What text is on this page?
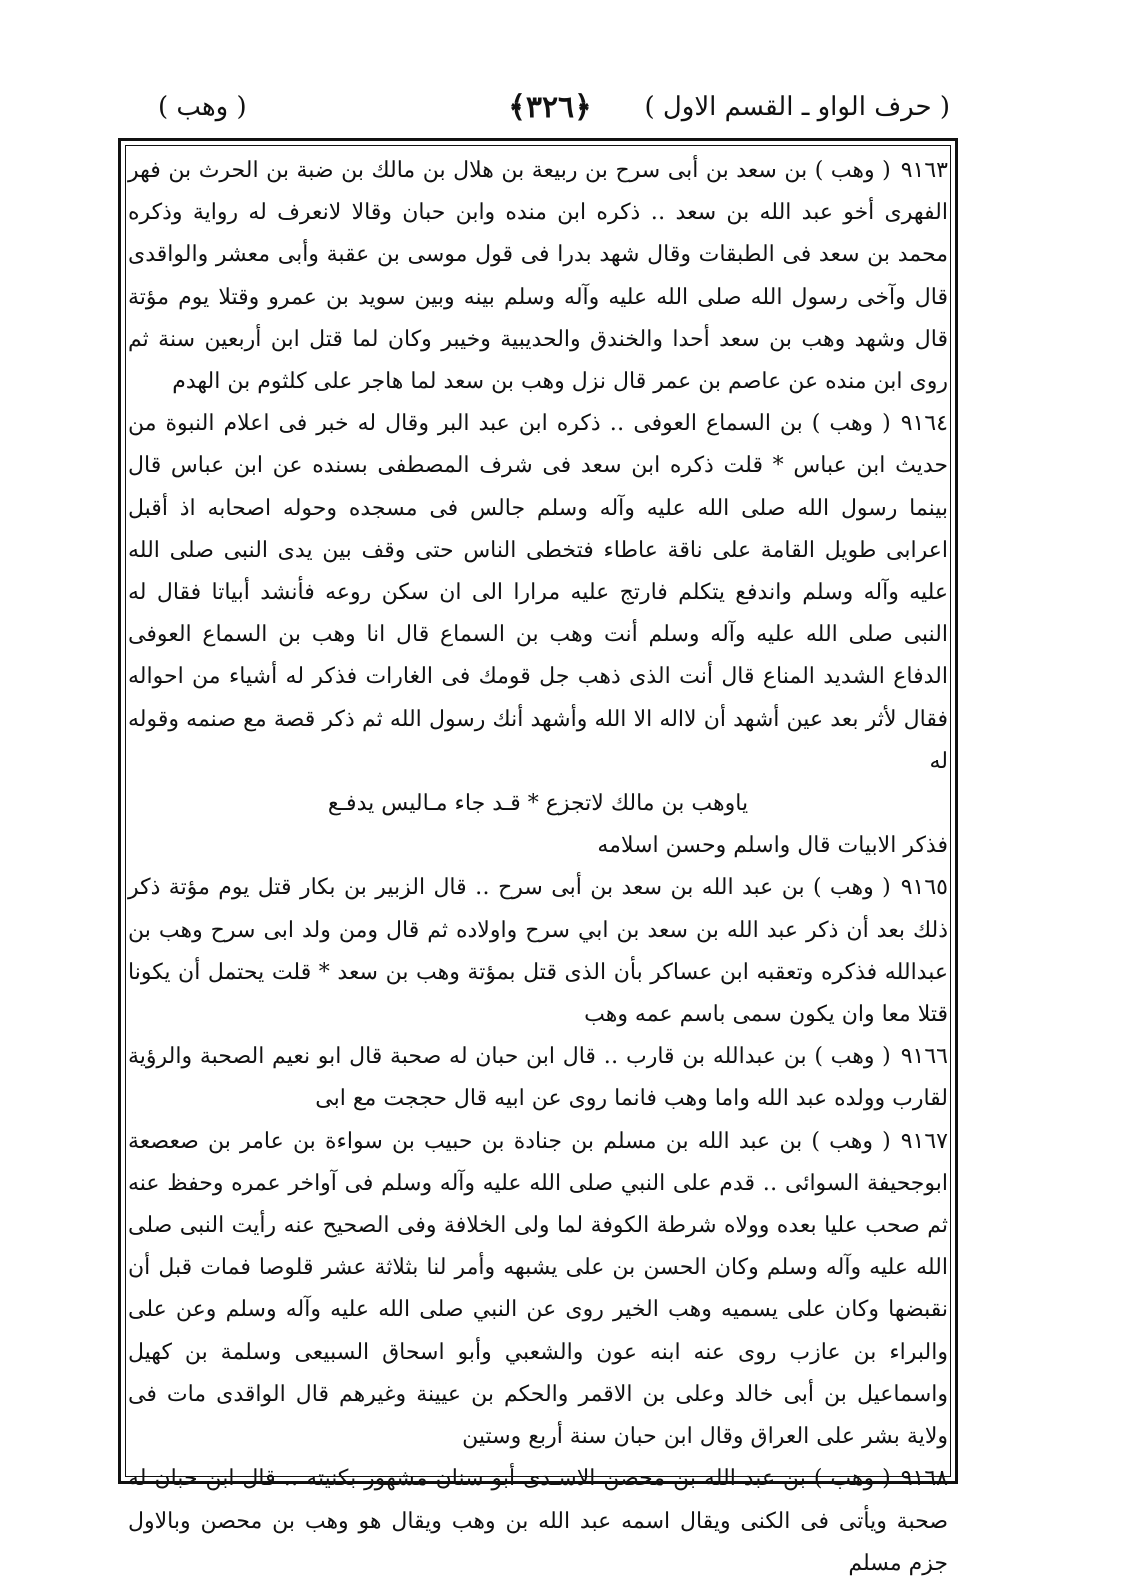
( حرف الواو ـ القسم الاول )
﴿٣٢٦﴾
( وهب )

٩١٦٣( وهب ) بن سعد بن أبى سرح بن ربيعة بن هلال بن مالك بن ضبة بن الحرث بن فهر الفهرى أخو عبد الله بن سعد ‥ ذكره ابن منده وابن حبان وقالا لانعرف له رواية وذكره محمد بن سعد فى الطبقات وقال شهد بدرا فى قول موسى بن عقبة وأبى معشر والواقدى قال وآخى رسول الله صلى الله عليه وآله وسلم بينه وبين سويد بن عمرو وقتلا يوم مؤتة قال وشهد وهب بن سعد أحدا والخندق والحديبية وخيبر وكان لما قتل ابن أربعين سنة ثم روى ابن منده عن عاصم بن عمر قال نزل وهب بن سعد لما هاجر على كلثوم بن الهدم

٩١٦٤( وهب ) بن السماع العوفى ‥ ذكره ابن عبد البر وقال له خبر فى اعلام النبوة من حديث ابن عباس * قلت ذكره ابن سعد فى شرف المصطفى بسنده عن ابن عباس قال بينما رسول الله صلى الله عليه وآله وسلم جالس فى مسجده وحوله اصحابه اذ أقبل اعرابى طويل القامة على ناقة عاطاء فتخطى الناس حتى وقف بين يدى النبى صلى الله عليه وآله وسلم واندفع يتكلم فارتج عليه مرارا الى ان سكن روعه فأنشد أبياتا فقال له النبى صلى الله عليه وآله وسلم أنت وهب بن السماع قال انا وهب بن السماع العوفى الدفاع الشديد المناع قال أنت الذى ذهب جل قومك فى الغارات فذكر له أشياء من احواله فقال لأثر بعد عين أشهد أن لااله الا الله وأشهد أنك رسول الله ثم ذكر قصة مع صنمه وقوله له

ياوهب بن مالك لاتجزع * قـد جاء مـاليس يدفـع

فذكر الابيات قال واسلم وحسن اسلامه

٩١٦٥( وهب ) بن عبد الله بن سعد بن أبى سرح ‥ قال الزبير بن بكار قتل يوم مؤتة ذكر ذلك بعد أن ذكر عبد الله بن سعد بن ابي سرح واولاده ثم قال ومن ولد ابى سرح وهب بن عبدالله فذكره وتعقبه ابن عساكر بأن الذى قتل بمؤتة وهب بن سعد * قلت يحتمل أن يكونا قتلا معا وان يكون سمى باسم عمه وهب

٩١٦٦( وهب ) بن عبدالله بن قارب ‥ قال ابن حبان له صحبة قال ابو نعيم الصحبة والرؤية لقارب وولده عبد الله واما وهب فانما روى عن ابيه قال حججت مع ابى

٩١٦٧( وهب ) بن عبد الله بن مسلم بن جنادة بن حبيب بن سواءة بن عامر بن صعصعة ابوجحيفة السوائى ‥ قدم على النبي صلى الله عليه وآله وسلم فى آواخر عمره وحفظ عنه ثم صحب عليا بعده وولاه شرطة الكوفة لما ولى الخلافة وفى الصحيح عنه رأيت النبى صلى الله عليه وآله وسلم وكان الحسن بن على يشبهه وأمر لنا بثلاثة عشر قلوصا فمات قبل أن نقبضها وكان على يسميه وهب الخير روى عن النبي صلى الله عليه وآله وسلم وعن على والبراء بن عازب روى عنه ابنه عون والشعبي وأبو اسحاق السبيعى وسلمة بن كهيل واسماعيل بن أبى خالد وعلى بن الاقمر والحكم بن عيينة وغيرهم قال الواقدى مات فى ولاية بشر على العراق وقال ابن حبان سنة أربع وستين

٩١٦٨( وهب ) بن عبد الله بن محصن الاسـدى أبو سنان مشهور بكنيته ‥ قال ابن حبان له صحبة ويأتى فى الكنى ويقال اسمه عبد الله بن وهب ويقال هو وهب بن محصن وبالاول جزم مسلم
